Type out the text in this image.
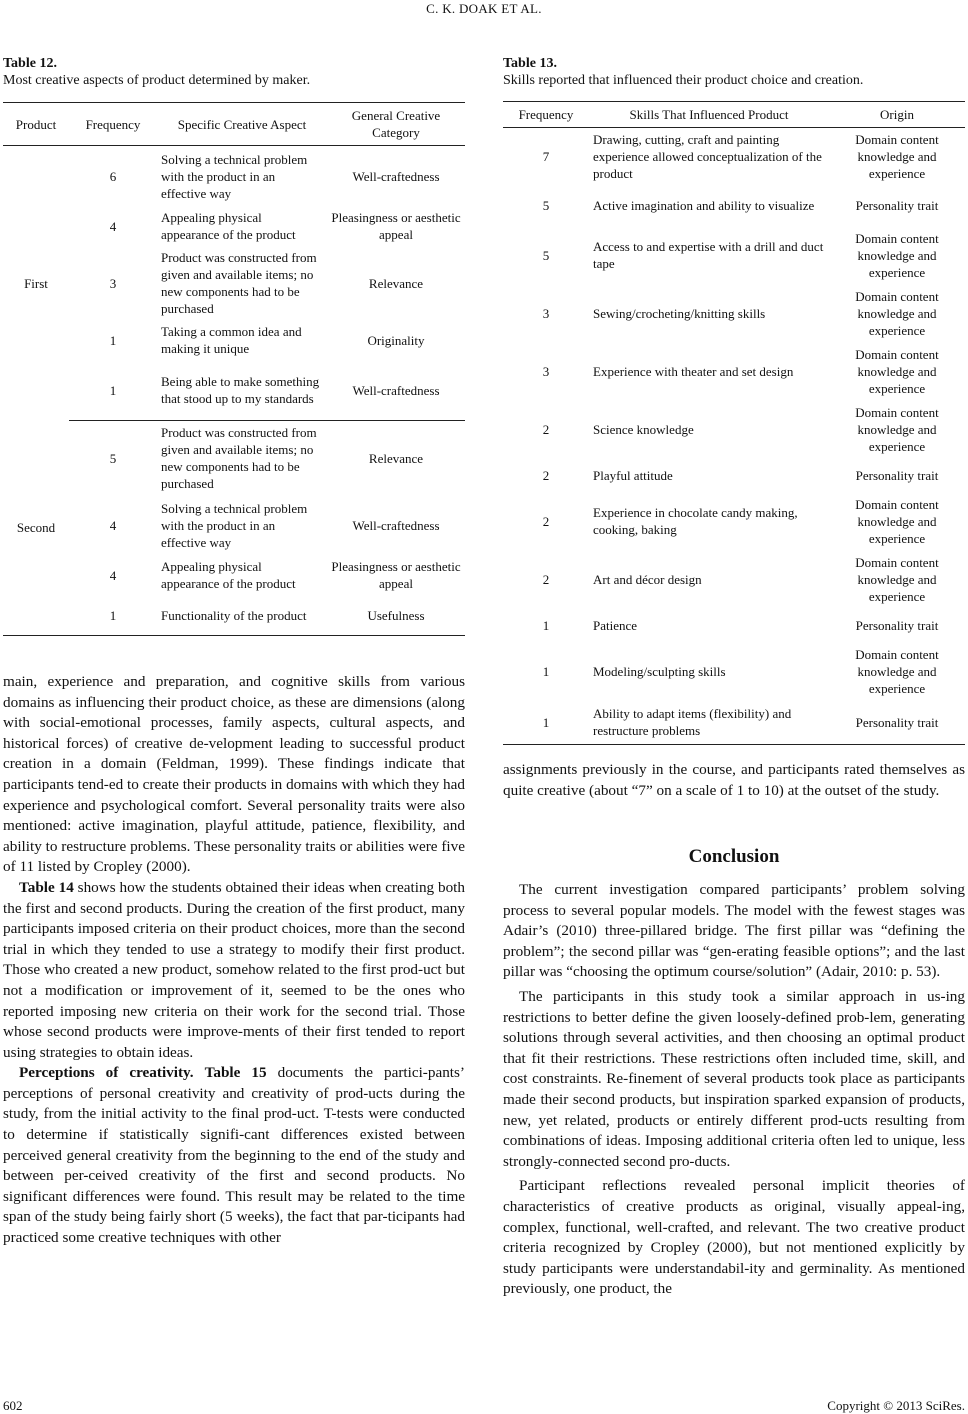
C. K. DOAK ET AL.
Table 12.
Most creative aspects of product determined by maker.
Product	Frequency	Specific Creative Aspect	General Creative Category
First	6	Solving a technical problem with the product in an effective way	Well-craftedness
	4	Appealing physical appearance of the product	Pleasingness or aesthetic appeal
	3	Product was constructed from given and available items; no new components had to be purchased	Relevance
	1	Taking a common idea and making it unique	Originality
	1	Being able to make something that stood up to my standards	Well-craftedness
Second	5	Product was constructed from given and available items; no new components had to be purchased	Relevance
	4	Solving a technical problem with the product in an effective way	Well-craftedness
	4	Appealing physical appearance of the product	Pleasingness or aesthetic appeal
	1	Functionality of the product	Usefulness
Table 13.
Skills reported that influenced their product choice and creation.
Frequency	Skills That Influenced Product	Origin
7	Drawing, cutting, craft and painting experience allowed conceptualization of the product	Domain content knowledge and experience
5	Active imagination and ability to visualize	Personality trait
5	Access to and expertise with a drill and duct tape	Domain content knowledge and experience
3	Sewing/crocheting/knitting skills	Domain content knowledge and experience
3	Experience with theater and set design	Domain content knowledge and experience
2	Science knowledge	Domain content knowledge and experience
2	Playful attitude	Personality trait
2	Experience in chocolate candy making, cooking, baking	Domain content knowledge and experience
2	Art and décor design	Domain content knowledge and experience
1	Patience	Personality trait
1	Modeling/sculpting skills	Domain content knowledge and experience
1	Ability to adapt items (flexibility) and restructure problems	Personality trait

main, experience and preparation, and cognitive skills from various domains as influencing their product choice, as these are dimensions (along with social-emotional processes, family aspects, cultural aspects, and historical forces) of creative de-velopment leading to successful product creation in a domain (Feldman, 1999). These findings indicate that participants tend-ed to create their products in domains with which they had experience and psychological comfort. Several personality traits were also mentioned: active imagination, playful attitude, patience, flexibility, and ability to restructure problems. These personality traits or abilities were five of 11 listed by Cropley (2000).

Table 14 shows how the students obtained their ideas when creating both the first and second products. During the creation of the first product, many participants imposed criteria on their product choices, more than the second trial in which they tended to use a strategy to modify their first product. Those who created a new product, somehow related to the first prod-uct but not a modification or improvement of it, seemed to be the ones who reported imposing new criteria on their work for the second trial. Those whose second products were improve-ments of their first tended to report using strategies to obtain ideas.

Perceptions of creativity. Table 15 documents the partici-pants’ perceptions of personal creativity and creativity of prod-ucts during the study, from the initial activity to the final prod-uct. T-tests were conducted to determine if statistically signifi-cant differences existed between perceived general creativity from the beginning to the end of the study and between per-ceived creativity of the first and second products. No significant differences were found. This result may be related to the time span of the study being fairly short (5 weeks), the fact that par-ticipants had practiced some creative techniques with other

assignments previously in the course, and participants rated themselves as quite creative (about “7” on a scale of 1 to 10) at the outset of the study.

Conclusion

The current investigation compared participants’ problem solving process to several popular models. The model with the fewest stages was Adair’s (2010) three-pillared bridge. The first pillar was “defining the problem”; the second pillar was “gen-erating feasible options”; and the last pillar was “choosing the optimum course/solution” (Adair, 2010: p. 53).

The participants in this study took a similar approach in us-ing restrictions to better define the given loosely-defined prob-lem, generating solutions through several activities, and then choosing an optimal product that fit their restrictions. These restrictions often included time, skill, and cost constraints. Re-finement of several products took place as participants made their second products, but inspiration sparked expansion of products, new, yet related, products or entirely different prod-ucts resulting from combinations of ideas. Imposing additional criteria often led to unique, less strongly-connected second pro-ducts.

Participant reflections revealed personal implicit theories of characteristics of creative products as original, visually appeal-ing, complex, functional, well-crafted, and relevant. The two creative product criteria recognized by Cropley (2000), but not mentioned explicitly by study participants were understandabil-ity and germinality. As mentioned previously, one product, the

602	Copyright © 2013 SciRes.
